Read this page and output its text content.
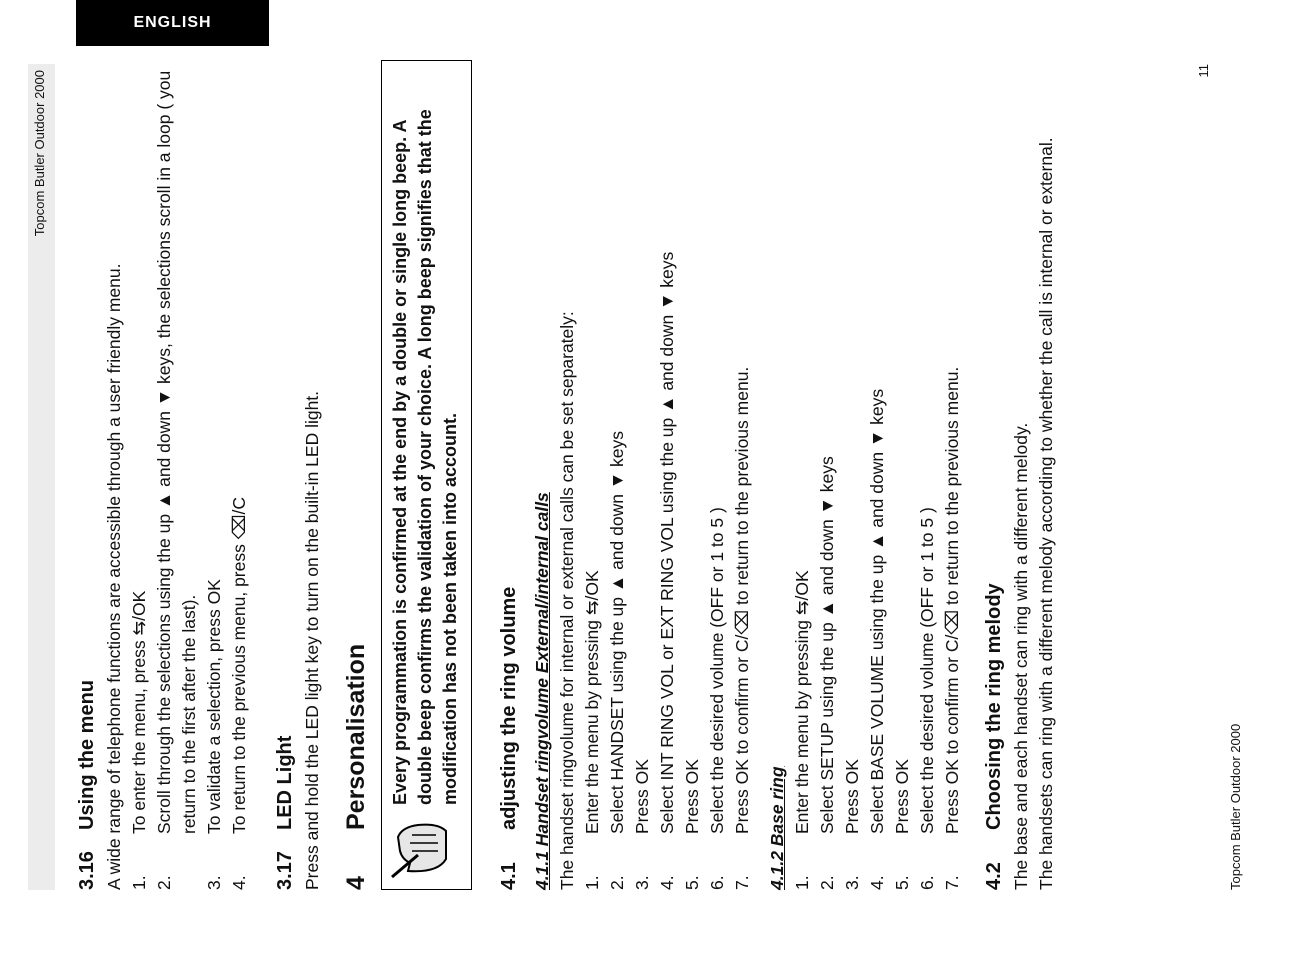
Topcom Butler Outdoor 2000
ENGLISH
3.16Using the menu A wide range of telephone functions are accessible through a user friendly menu. 1.
To enter the menu, press ⇆/OK
2.
Scroll through the selections using the up ▲ and down ▼ keys, the selections scroll in a loop ( you return to the first after the last).
3.
To validate a selection, press OK
4.
To return to the previous menu, press ⌫/C
3.17LED Light Press and hold the LED light key to turn on the built-in LED light. 4Personalisation Every programmation is confirmed at the end by a double or single long beep. A double beep confirms the validation of your choice. A long beep signifies that the modification has not been taken into account.
4.1adjusting the ring volume 4.1.1 Handset ringvolume External/internal calls The handset ringvolume for internal or external calls can be set separately: 1.
Enter the menu by pressing ⇆/OK
2.
Select HANDSET using the up ▲ and down ▼ keys
3.
Press OK
4.
Select INT RING VOL or EXT RING VOL using the up ▲ and down ▼ keys
5.
Press OK
6.
Select the desired volume (OFF or 1 to 5 )
7.
Press OK to confirm or C/⌫ to return to the previous menu. 4.1.2 Base ring 1.
Enter the menu by pressing ⇆/OK
2.
Select SETUP using the up ▲ and down ▼ keys
3.
Press OK
4.
Select BASE VOLUME using the up ▲ and down ▼ keys
5.
Press OK
6.
Select the desired volume (OFF or 1 to 5 )
7.
Press OK to confirm or C/⌫ to return to the previous menu.
4.2Choosing the ring melody The base and each handset can ring with a different melody. The handsets can ring with a different melody according to whether the call is internal or external.	Topcom Butler Outdoor 2000
11
